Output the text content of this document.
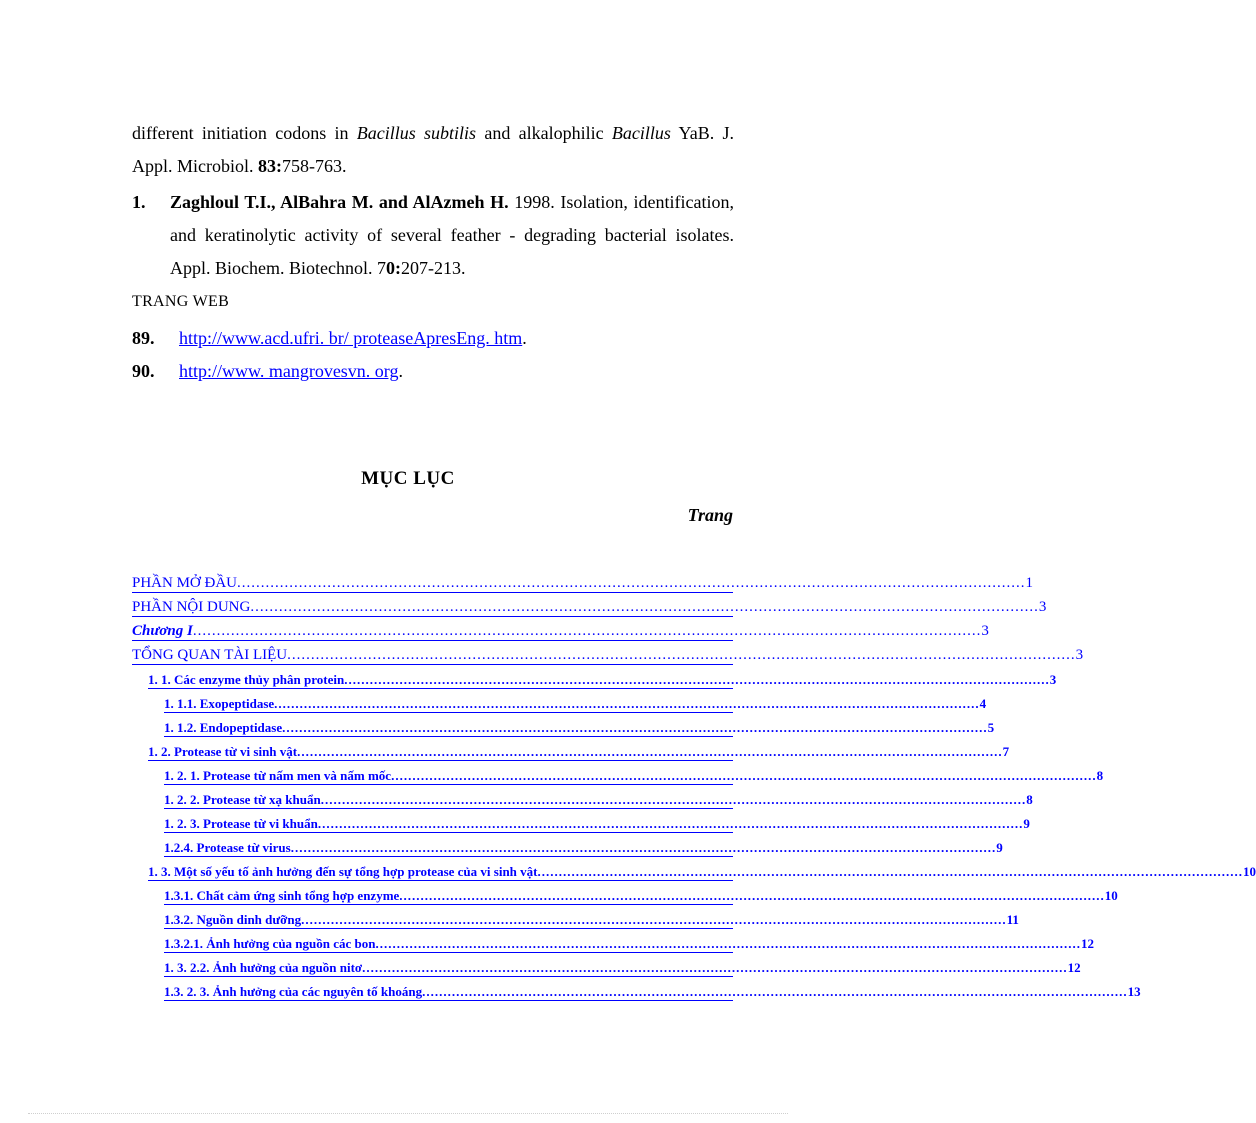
different initiation codons in Bacillus subtilis and alkalophilic Bacillus YaB. J. Appl. Microbiol. 83:758-763.
1. Zaghloul T.I., AlBahra M. and AlAzmeh H. 1998. Isolation, identification, and keratinolytic activity of several feather - degrading bacterial isolates. Appl. Biochem. Biotechnol. 70:207-213.
TRANG WEB
89. http://www.acd.ufri. br/ proteaseApresEng. htm.
90. http://www. mangrovesvn. org.
MỤC LỤC
Trang
PHẦN MỞ ĐẦU ...................................................................................................................................................................... 1
PHẦN NỘI DUNG ...................................................................................................................................................................... 3
Chương I ...................................................................................................................................................................... 3
TỔNG QUAN TÀI LIỆU ...................................................................................................................................................................... 3
1. 1. Các enzyme thủy phân protein ...................................................................................................................................................................... 3
1. 1.1. Exopeptidase ...................................................................................................................................................................... 4
1. 1.2. Endopeptidase ...................................................................................................................................................................... 5
1. 2. Protease từ vi sinh vật ...................................................................................................................................................................... 7
1. 2. 1. Protease từ nấm men và nấm mốc ...................................................................................................................................................................... 8
1. 2. 2. Protease từ xạ khuẩn ...................................................................................................................................................................... 8
1. 2. 3. Protease từ vi khuẩn ...................................................................................................................................................................... 9
1.2.4. Protease từ virus ...................................................................................................................................................................... 9
1. 3. Một số yếu tố ảnh hưởng đến sự tổng hợp protease của vi sinh vật ...................................................................................................................................................................... 10
1.3.1. Chất cảm ứng sinh tổng hợp enzyme ...................................................................................................................................................................... 10
1.3.2. Nguồn dinh dưỡng ...................................................................................................................................................................... 11
1.3.2.1. Ảnh hưởng của nguồn các bon ...................................................................................................................................................................... 12
1. 3. 2.2. Ảnh hưởng của nguồn nitơ ...................................................................................................................................................................... 12
1.3. 2. 3. Ảnh hưởng của các nguyên tố khoáng ...................................................................................................................................................................... 13
